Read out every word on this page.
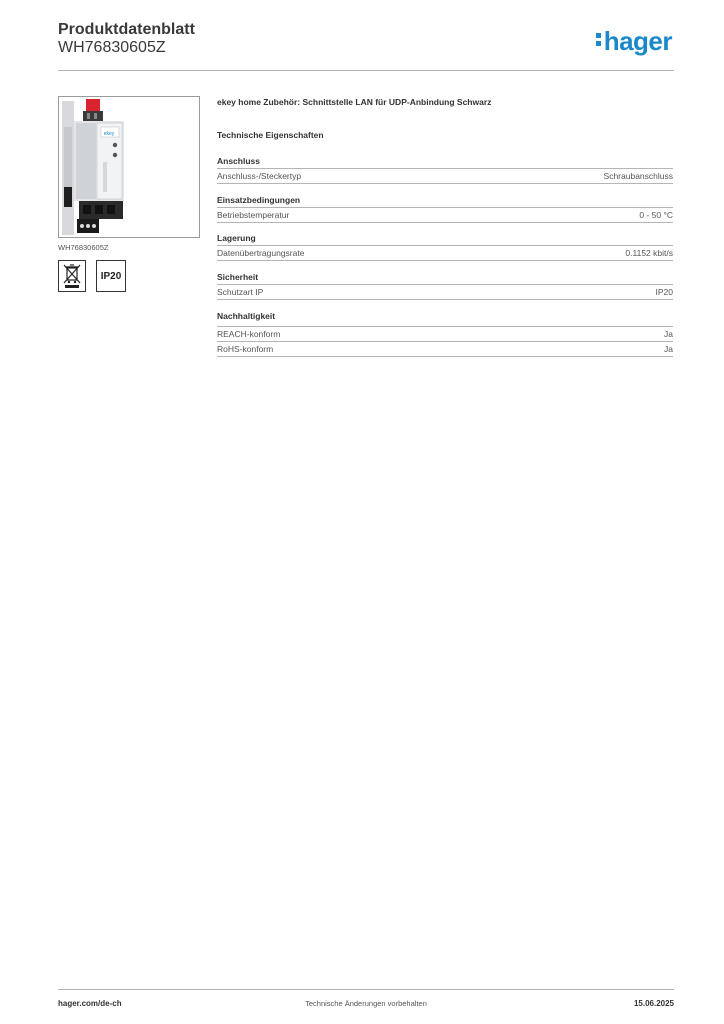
Produktdatenblatt
WH76830605Z	hager
ekey
WH76830605Z
IP20
ekey home Zubehör: Schnittstelle LAN für UDP-Anbindung Schwarz
Technische Eigenschaften
Anschluss
Anschluss-/Steckertyp	Schraubanschluss
Einsatzbedingungen
Betriebstemperatur	0 - 50 °C
Lagerung
Datenübertragungsrate	0.1152 kbit/s
Sicherheit
Schutzart IP	IP20
Nachhaltigkeit
REACH-konform	Ja
RoHS-konform	Ja
hager.com/de-ch	Technische Änderungen vorbehalten	15.06.2025
